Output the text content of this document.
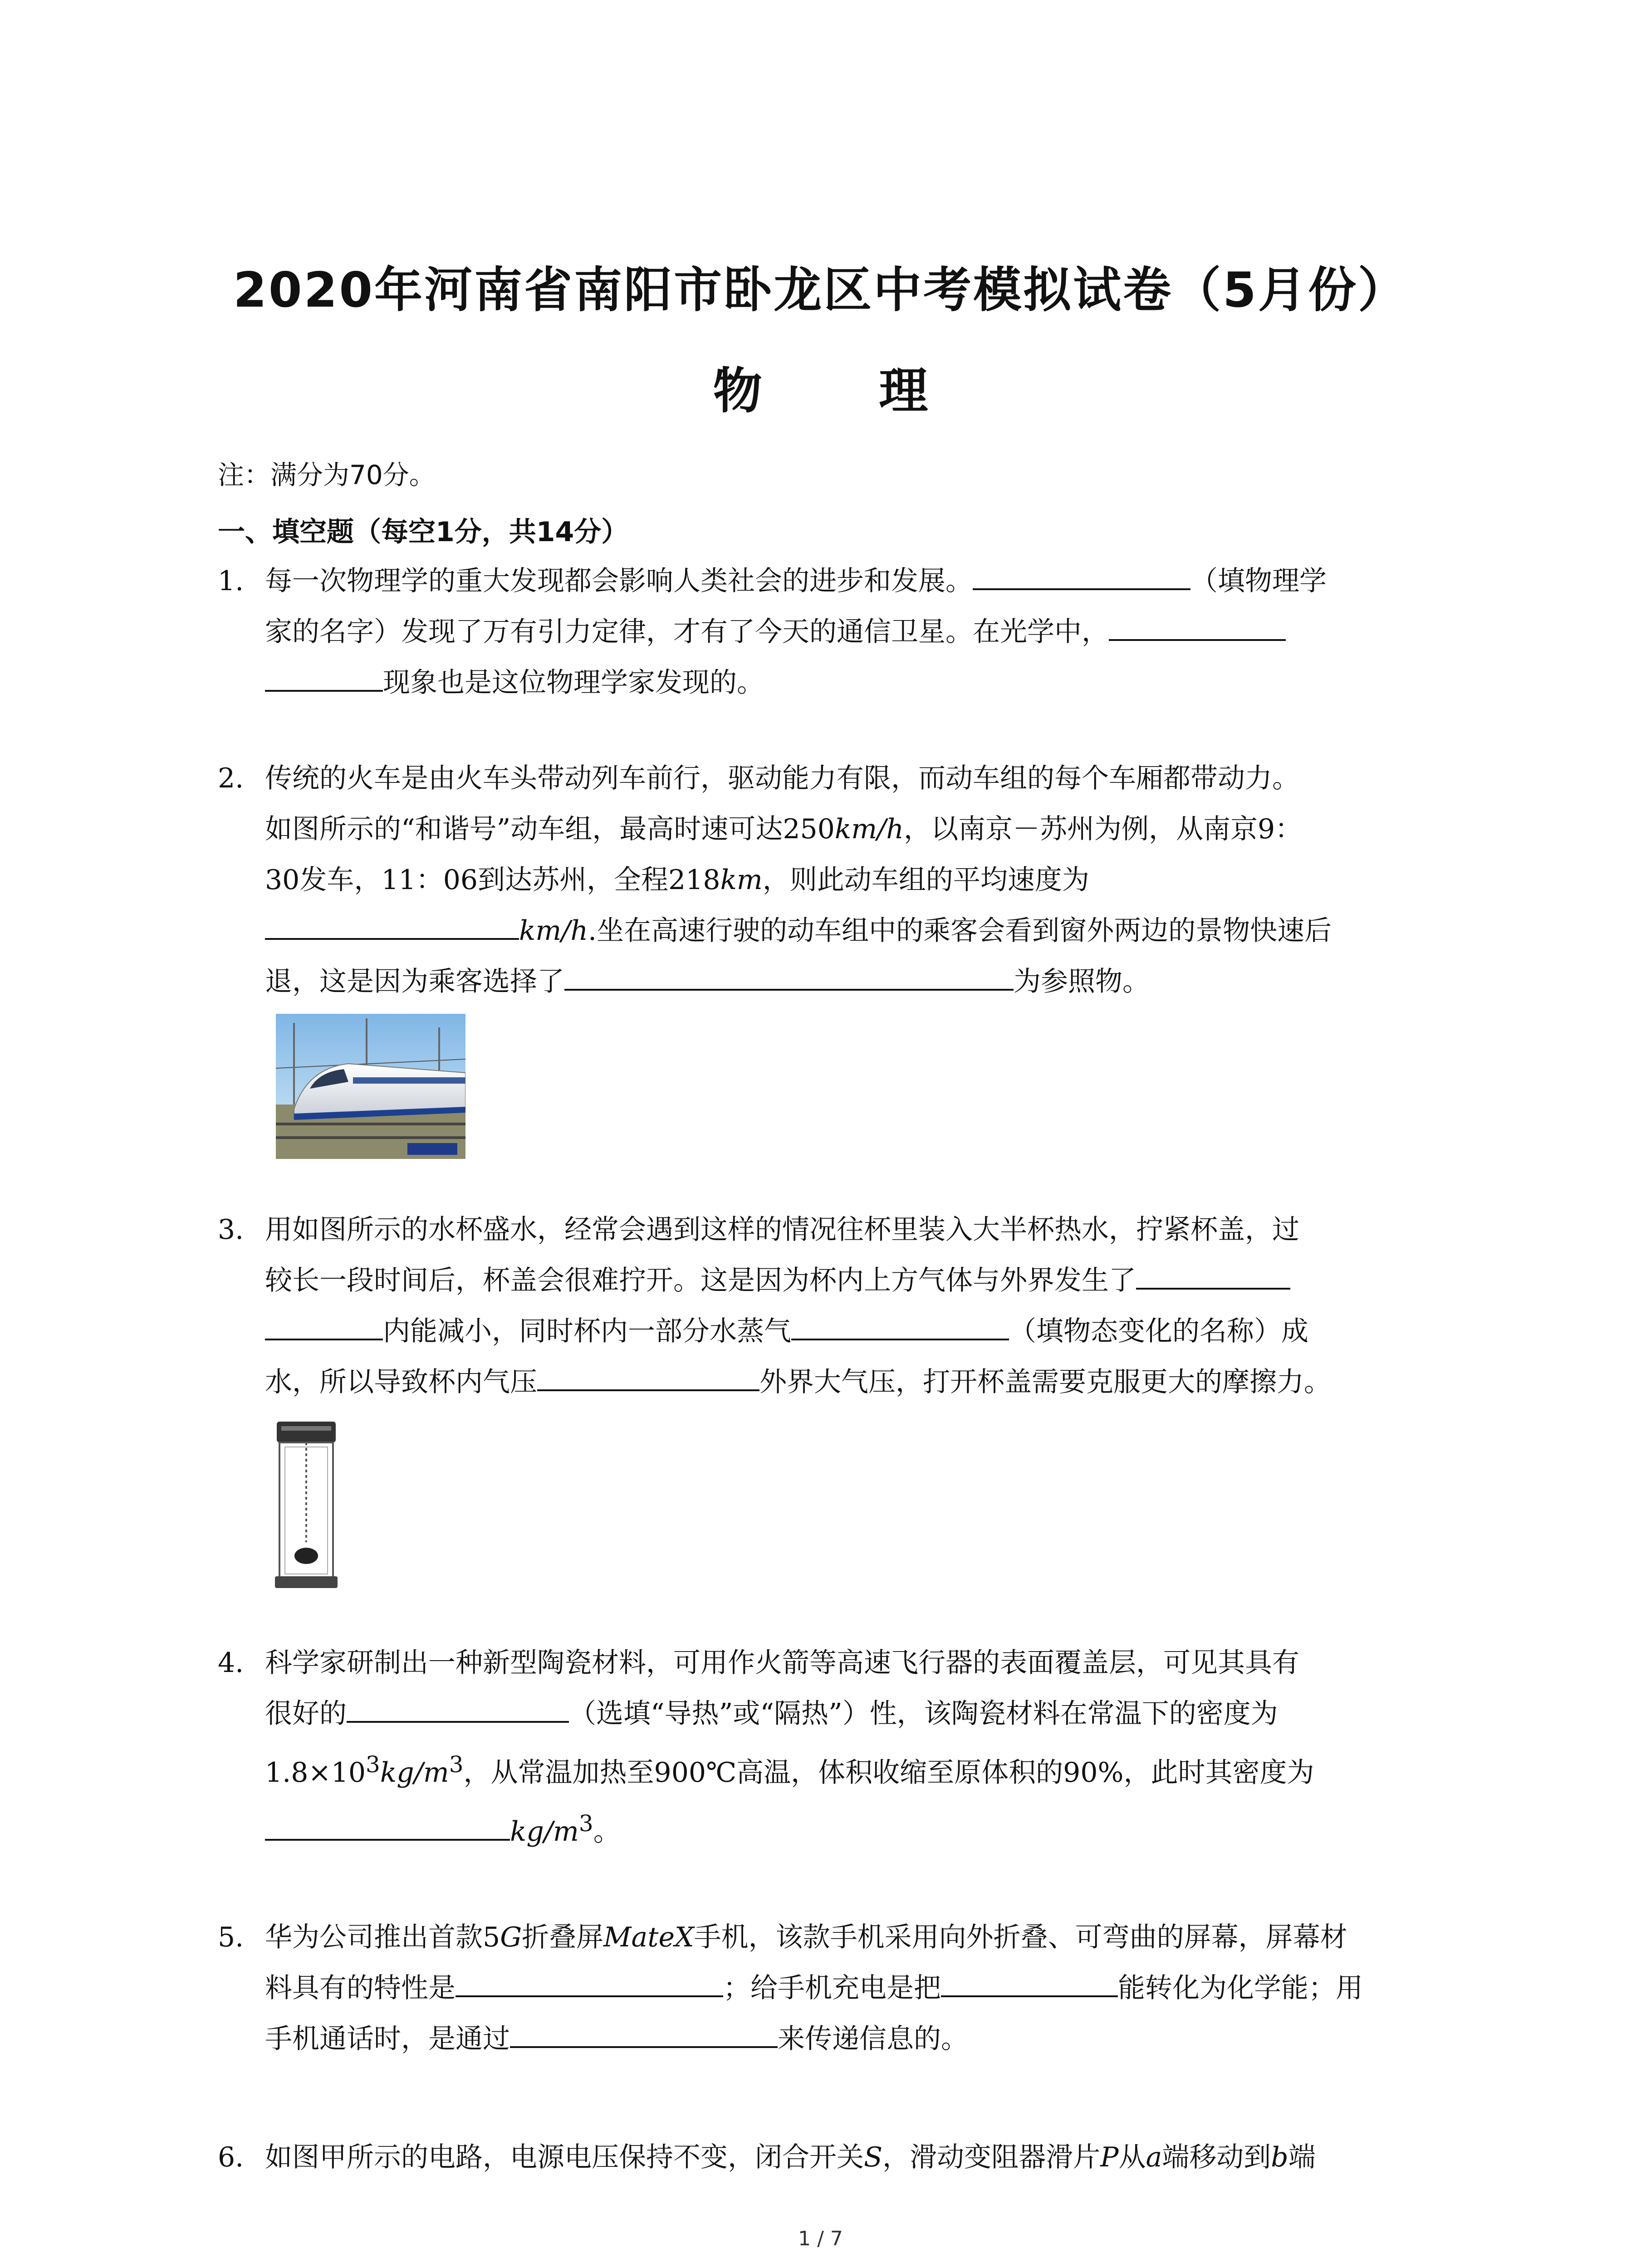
2020年河南省南阳市卧龙区中考模拟试卷（5月份）
物 理
注：满分为70分。
一、填空题（每空1分，共14分）
1. 每一次物理学的重大发现都会影响人类社会的进步和发展。	（填物理学
家的名字）发现了万有引力定律，才有了今天的通信卫星。在光学中，
现象也是这位物理学家发现的。
2. 传统的火车是由火车头带动列车前行，驱动能力有限，而动车组的每个车厢都带动力。
如图所示的“和谐号”动车组，最高时速可达250km/h，以南京－苏州为例，从南京9：
30发车，11：06到达苏州，全程218km，则此动车组的平均速度为
km/h.坐在高速行驶的动车组中的乘客会看到窗外两边的景物快速后
退，这是因为乘客选择了	为参照物。
3. 用如图所示的水杯盛水，经常会遇到这样的情况往杯里装入大半杯热水，拧紧杯盖，过
较长一段时间后，杯盖会很难拧开。这是因为杯内上方气体与外界发生了
内能减小，同时杯内一部分水蒸气	（填物态变化的名称）成
水，所以导致杯内气压	外界大气压，打开杯盖需要克服更大的摩擦力。
4. 科学家研制出一种新型陶瓷材料，可用作火箭等高速飞行器的表面覆盖层，可见其具有
很好的	（选填“导热”或“隔热”）性，该陶瓷材料在常温下的密度为
$1.8\times 10^3kg/m^3$，从常温加热至900℃高温，体积收缩至原体积的90%，此时其密度为
$kg/m^3$。
5. 华为公司推出首款5G折叠屏MateX手机，该款手机采用向外折叠、可弯曲的屏幕，屏幕材
料具有的特性是	；给手机充电是把	能转化为化学能；用
手机通话时，是通过	来传递信息的。
6. 如图甲所示的电路，电源电压保持不变，闭合开关S，滑动变阻器滑片P从a端移动到b端
1 / 7
